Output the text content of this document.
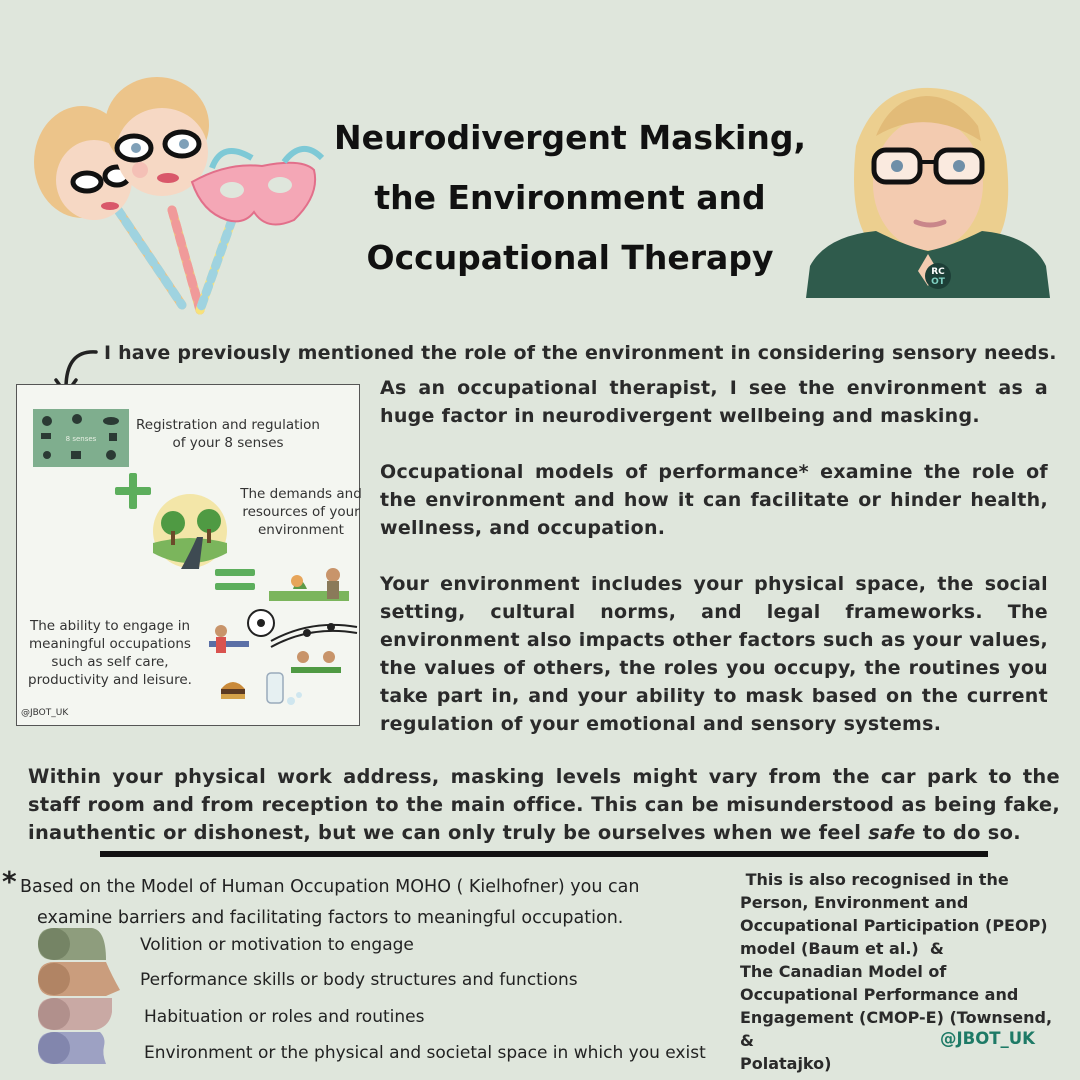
Neurodivergent Masking,
the Environment and
Occupational Therapy	RC
OT
I have previously mentioned the role of the environment in considering sensory needs.
8 senses
Registration and regulation of your 8 senses
The demands and resources of your environment
The ability to engage in meaningful occupations such as self care, productivity and leisure.
@JBOT_UK
As an occupational therapist, I see the environment as a huge factor in neurodivergent wellbeing and masking.
Occupational models of performance* examine the role of the environment and how it can facilitate or hinder health, wellness, and occupation.
Your environment includes your physical space, the social setting, cultural norms, and legal frameworks. The environment also impacts other factors such as your values, the values of others, the roles you occupy, the routines you take part in, and your ability to mask based on the current regulation of your emotional and sensory systems.
Within your physical work address, masking levels might vary from the car park to the staff room and from reception to the main office. This can be misunderstood as being fake, inauthentic or dishonest, but we can only truly be ourselves when we feel safe to do so.
* Based on the Model of Human Occupation MOHO ( Kielhofner) you can
examine barriers and facilitating factors to meaningful occupation.
Volition or motivation to engage
Performance skills or body structures and functions
Habituation or roles and routines
Environment or the physical and societal space in which you exist
This is also recognised in the
Person, Environment and
Occupational Participation (PEOP)
model (Baum et al.)  &
The Canadian Model of
Occupational Performance and
Engagement (CMOP-E) (Townsend, &
Polatajko)
@JBOT_UK
